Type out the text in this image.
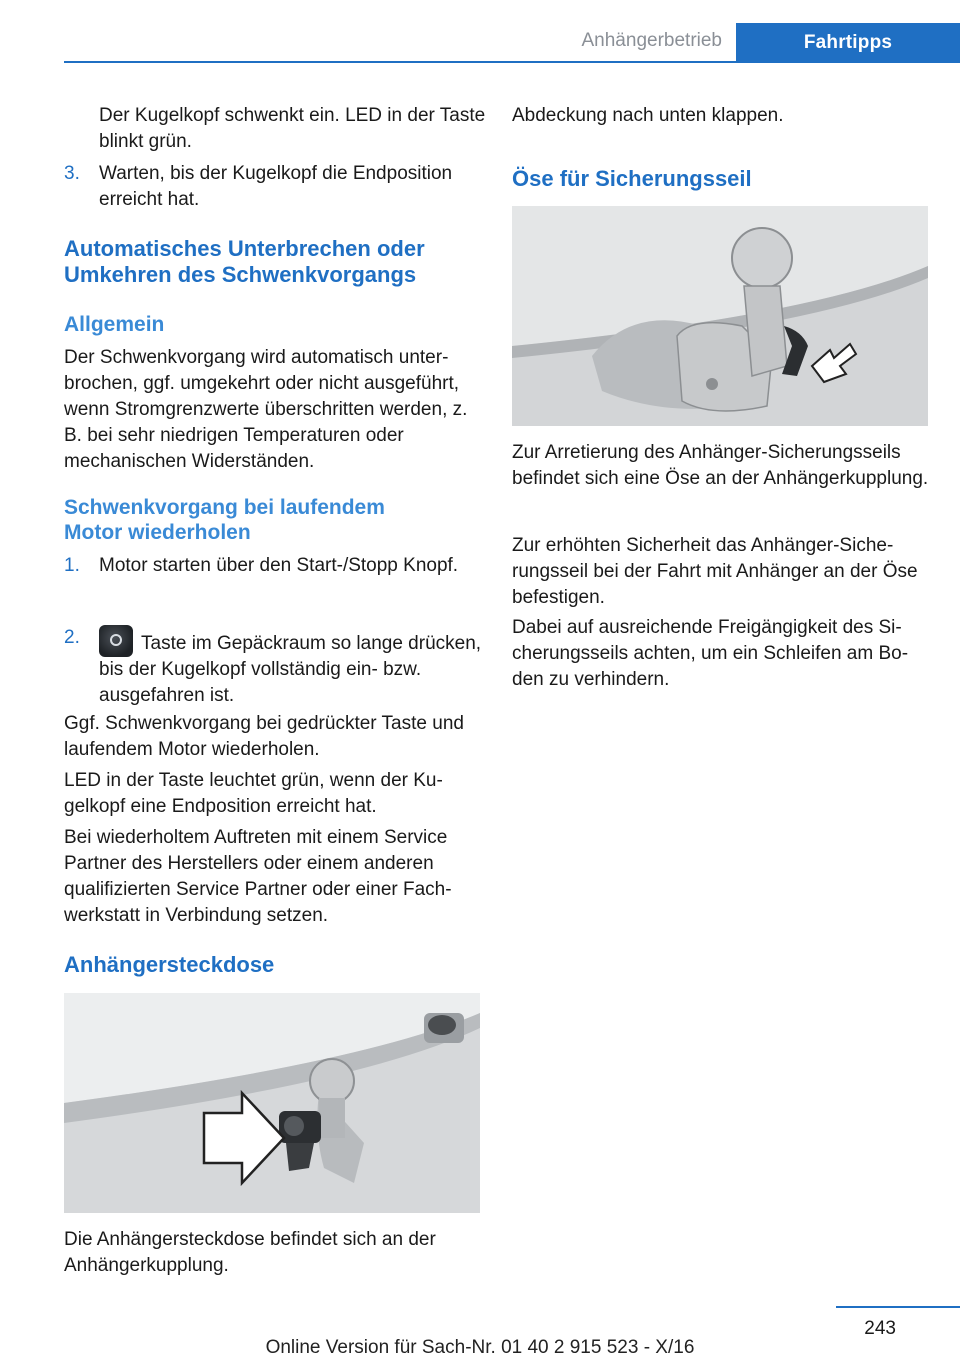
Anhängerbetrieb	Fahrtipps

Der Kugelkopf schwenkt ein. LED in der Taste blinkt grün.

3. Warten, bis der Kugelkopf die Endposition erreicht hat.
Automatisches Unterbrechen oder Umkehren des Schwenkvorgangs
Allgemein

Der Schwenkvorgang wird automatisch unterbrochen, ggf. umgekehrt oder nicht ausgeführt, wenn Stromgrenzwerte überschritten werden, z. B. bei sehr niedrigen Temperaturen oder mechanischen Widerständen.

Schwenkvorgang bei laufendem Motor wiederholen
1. Motor starten über den Start-/Stopp Knopf.
2.	Taste im Gepäckraum so lange drücken, bis der Kugelkopf vollständig ein- bzw. ausgefahren ist.

Ggf. Schwenkvorgang bei gedrückter Taste und laufendem Motor wiederholen.

LED in der Taste leuchtet grün, wenn der Kugelkopf eine Endposition erreicht hat.

Bei wiederholtem Auftreten mit einem Service Partner des Herstellers oder einem anderen qualifizierten Service Partner oder einer Fachwerkstatt in Verbindung setzen.

Anhängersteckdose

Die Anhängersteckdose befindet sich an der Anhängerkupplung.

Abdeckung nach unten klappen.

Öse für Sicherungsseil

Zur Arretierung des Anhänger-Sicherungsseils befindet sich eine Öse an der Anhängerkupplung.

Zur erhöhten Sicherheit das Anhänger-Sicherungsseil bei der Fahrt mit Anhänger an der Öse befestigen.

Dabei auf ausreichende Freigängigkeit des Sicherungsseils achten, um ein Schleifen am Boden zu verhindern.

243
Online Version für Sach-Nr. 01 40 2 915 523 - X/16
